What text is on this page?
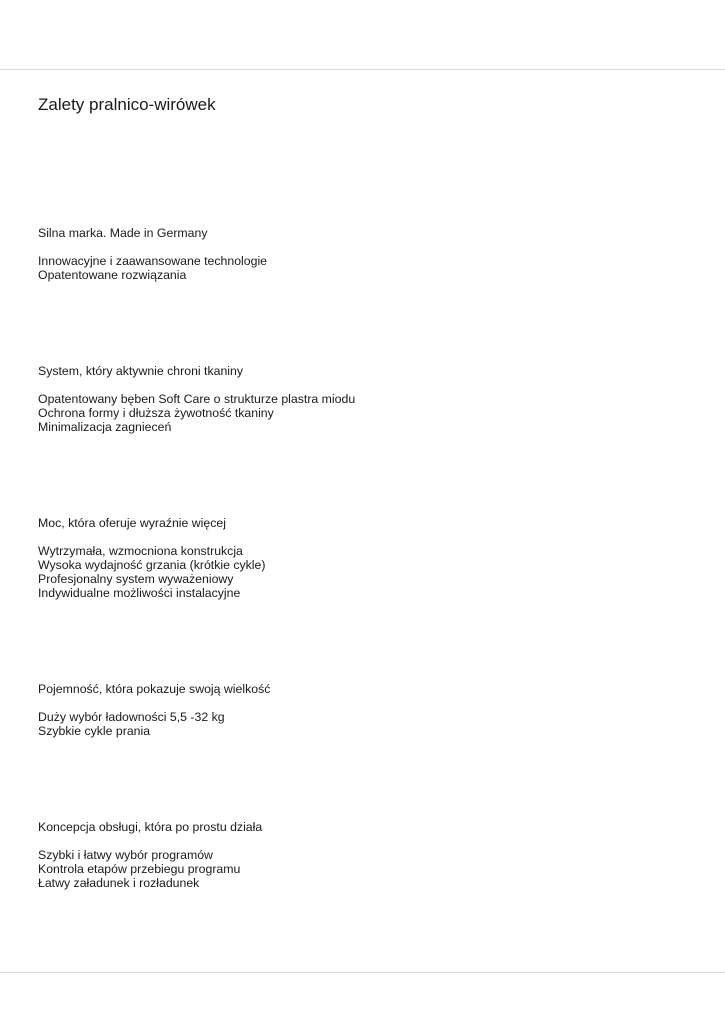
Zalety pralnico-wirówek
Silna marka. Made in Germany
Innowacyjne i zaawansowane technologie
Opatentowane rozwiązania
System, który aktywnie chroni tkaniny
Opatentowany bęben Soft Care o strukturze plastra miodu
Ochrona formy i dłuższa żywotność tkaniny
Minimalizacja zagnieceń
Moc, która oferuje wyraźnie więcej
Wytrzymała, wzmocniona konstrukcja
Wysoka wydajność grzania (krótkie cykle)
Profesjonalny system wyważeniowy
Indywidualne możliwości instalacyjne
Pojemność, która pokazuje swoją wielkość
Duży wybór ładowności 5,5 -32 kg
Szybkie cykle prania
Koncepcja obsługi, która po prostu działa
Szybki i łatwy wybór programów
Kontrola etapów przebiegu programu
Łatwy załadunek i rozładunek
